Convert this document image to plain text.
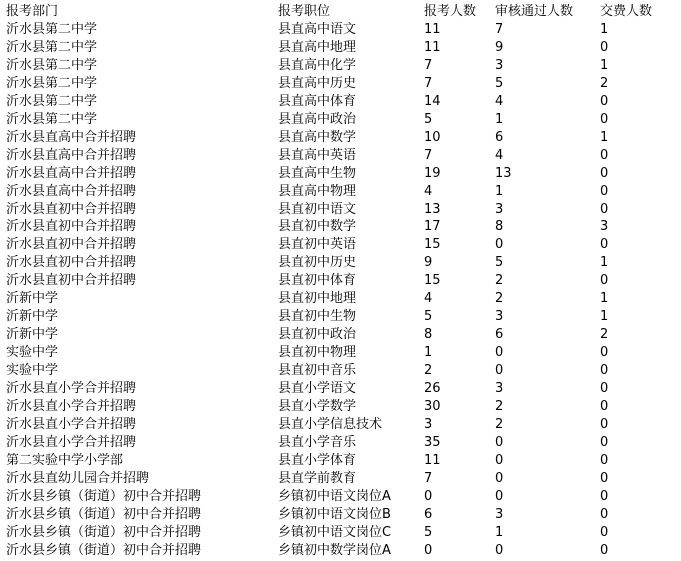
报考部门	报考职位	报考人数	审核通过人数	交费人数
沂水县第二中学	县直高中语文	11	7	1
沂水县第二中学	县直高中地理	11	9	0
沂水县第二中学	县直高中化学	7	3	1
沂水县第二中学	县直高中历史	7	5	2
沂水县第二中学	县直高中体育	14	4	0
沂水县第二中学	县直高中政治	5	1	0
沂水县直高中合并招聘	县直高中数学	10	6	1
沂水县直高中合并招聘	县直高中英语	7	4	0
沂水县直高中合并招聘	县直高中生物	19	13	0
沂水县直高中合并招聘	县直高中物理	4	1	0
沂水县直初中合并招聘	县直初中语文	13	3	0
沂水县直初中合并招聘	县直初中数学	17	8	3
沂水县直初中合并招聘	县直初中英语	15	0	0
沂水县直初中合并招聘	县直初中历史	9	5	1
沂水县直初中合并招聘	县直初中体育	15	2	0
沂新中学	县直初中地理	4	2	1
沂新中学	县直初中生物	5	3	1
沂新中学	县直初中政治	8	6	2
实验中学	县直初中物理	1	0	0
实验中学	县直初中音乐	2	0	0
沂水县直小学合并招聘	县直小学语文	26	3	0
沂水县直小学合并招聘	县直小学数学	30	2	0
沂水县直小学合并招聘	县直小学信息技术	3	2	0
沂水县直小学合并招聘	县直小学音乐	35	0	0
第二实验中学小学部	县直小学体育	11	0	0
沂水县直幼儿园合并招聘	县直学前教育	7	0	0
沂水县乡镇（街道）初中合并招聘	乡镇初中语文岗位A	0	0	0
沂水县乡镇（街道）初中合并招聘	乡镇初中语文岗位B	6	3	0
沂水县乡镇（街道）初中合并招聘	乡镇初中语文岗位C	5	1	0
沂水县乡镇（街道）初中合并招聘	乡镇初中数学岗位A	0	0	0
